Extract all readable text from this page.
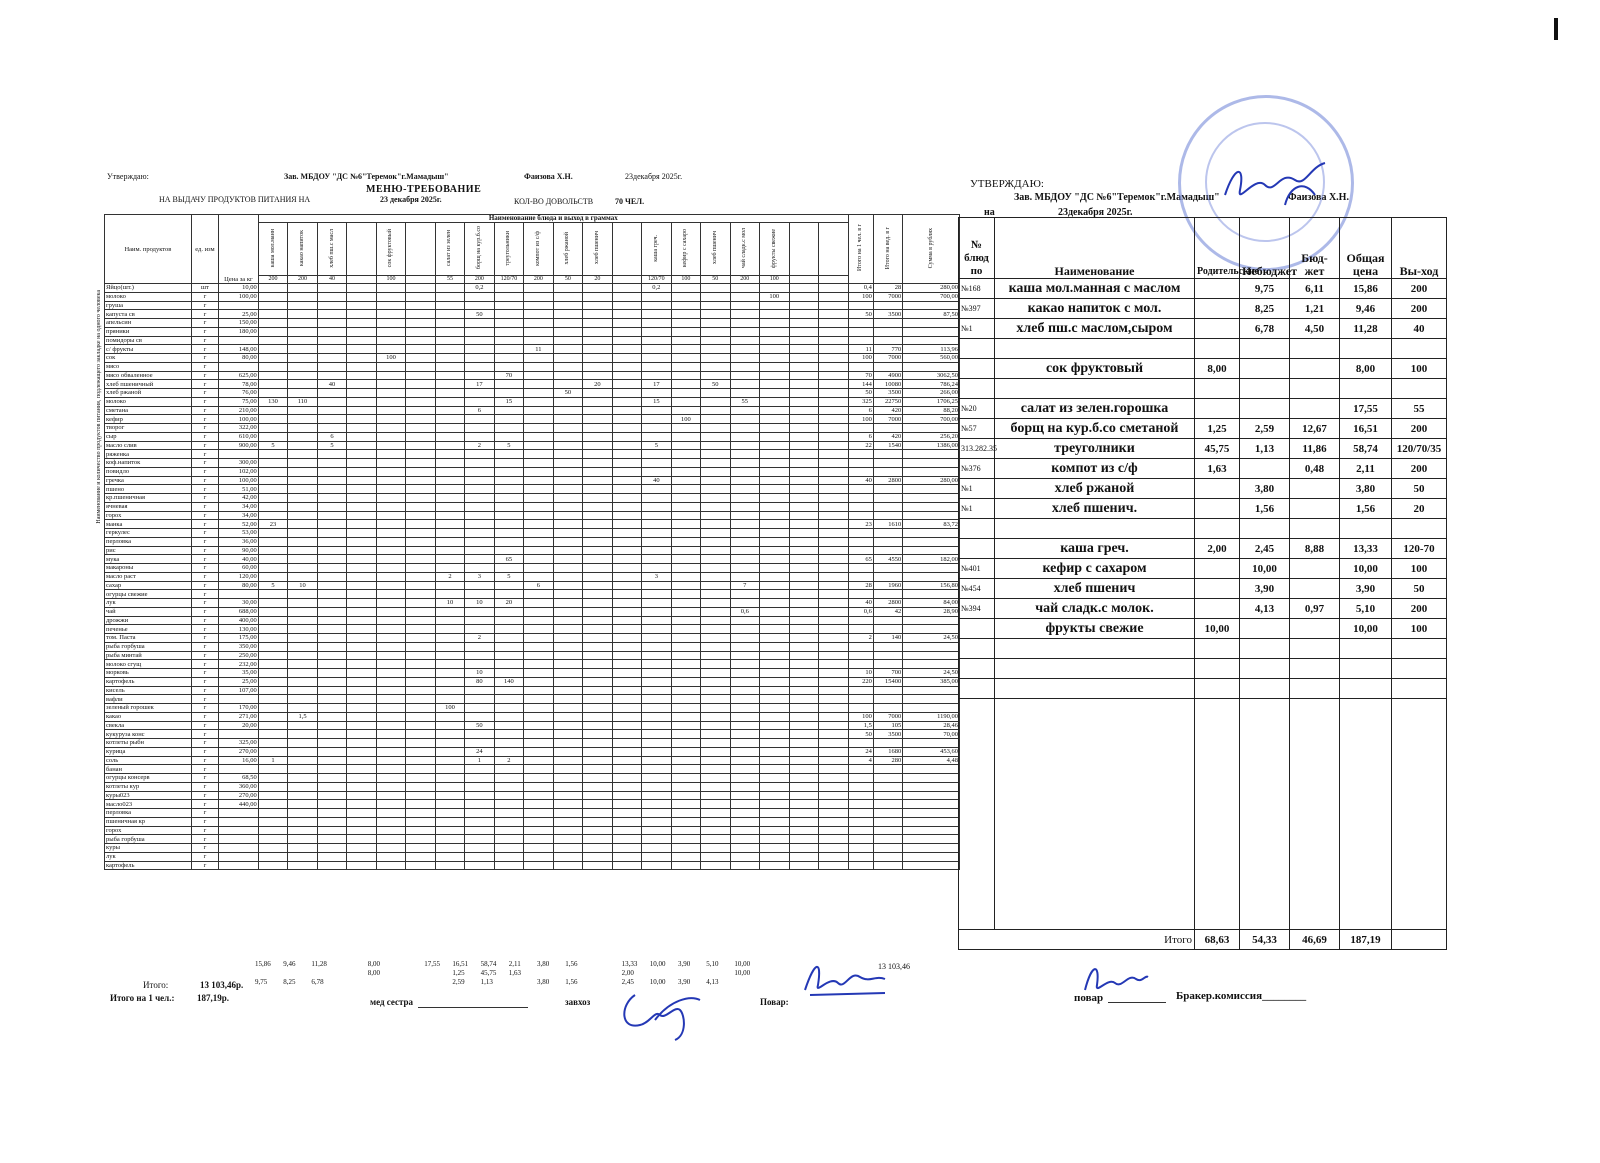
Утверждаю:	Зав. МБДОУ "ДС №6"Теремок"г.Мамадыш"	Фаизова Х.Н.	23декабря 2025г.
МЕНЮ-ТРЕБОВАНИЕ
НА ВЫДАЧУ ПРОДУКТОВ ПИТАНИЯ НА	23 декабря 2025г.	КОЛ-ВО ДОВОЛЬСТВ	70 ЧЕЛ.
УТВЕРЖДАЮ:
Зав. МБДОУ "ДС №6"Теремок"г.Мамадыш"	Фаизова Х.Н.
на	23декабря 2025г.
Наименование и количество продуктов питания, подлежащего закладке на одного человека
Наим. продуктов	ед. изм	Цена за кг	Наименование блюда и выход в граммах																				Итого на 1 чел. в г	Итого на вед. в г	Сумма в рублях
			каша мол.манн	какао напиток	хлеб пш.с масл		сок фруктовый		салат из зелен	борщ на кур.б.со	треугольники	компот из с/ф	хлеб ржаной	хлеб пшенич		каша греч.	кефир с сахаро	хлеб пшенич	чай сладк.с мол	фрукты свежие					
			200	200	40		100		55	200	120/70	200	50	20		120/70	100	50	200	100					
Яйцо(шт.)	шт	10,00								0,2						0,2							0,4	28	280,00
молоко	г	100,00																		100			100	7000	700,00
груша	г																								
капуста св	г	25,00								50													50	3500	87,50
апельсин	г	150,00																							
пряники	г	180,00																							
помидоры св	г																								
с/ фрукты	г	148,00										11											11	770	113,96
сок	г	80,00					100																100	7000	560,00
мясо	г																								
мясо обваленное	г	625,00									70												70	4900	3062,50
хлеб пшеничный	г	78,00			40					17				20		17		50					144	10080	786,24
хлеб ржаной	г	76,00											50										50	3500	266,00
молоко	г	75,00	130	110							15					15			55				325	22750	1706,25
сметана	г	210,00								6													6	420	88,20
кефир	г	100,00															100						100	7000	700,00
творог	г	322,00																							
сыр	г	610,00			6																		6	420	256,20
масло слив	г	900,00	5		5					2	5					5							22	1540	1386,00
ряженка	г																								
коф.напиток	г	300,00																							
повидло	г	102,00																							
гречка	г	100,00														40							40	2800	280,00
пшено	г	51,00																							
кр.пшеничная	г	42,00																							
ячневая	г	34,00																							
горох	г	34,00																							
манка	г	52,00	23																				23	1610	83,72
геркулес	г	53,00																							
перловка	г	36,00																							
рис	г	90,00																							
мука	г	40,00									65												65	4550	182,00
макароны	г	60,00																							
масло раст	г	120,00							2	3	5					3									
сахар	г	80,00	5	10								6							7				28	1960	156,80
огурцы свежие	г																								
лук	г	30,00							10	10	20												40	2800	84,00
чай	г	688,00																	0,6				0,6	42	28,90
дрожжи	г	400,00																							
печенье	г	130,00																							
том. Паста	г	175,00								2													2	140	24,50
рыба горбуша	г	350,00																							
рыба минтай	г	250,00																							
молоко сгущ	г	232,00																							
морковь	г	35,00								10													10	700	24,50
картофель	г	25,00								80	140												220	15400	385,00
кисель	г	107,00																							
вафли	г																								
зеленый горошек	г	170,00							100																
какао	г	271,00		1,5																			100	7000	1190,00
свекла	г	20,00								50													1,5	105	28,46
кукуруза конс	г																						50	3500	70,00
котлеты рыбн	г	325,00																							
курица	г	270,00								24													24	1680	453,60
соль	г	16,00	1							1	2												4	280	4,48
банан	г																								
огурцы консерв	г	68,50																							
котлеты кур	г	360,00																							
куры023	г	270,00																							
масло023	г	440,00																							
перловка	г																								
пшеничная кр	г																								
горох	г																								
рыба горбуша	г																								
куры	г																								
лук	г																								
картофель	г																								
15,86 9,46 11,28	8,00	17,55 16,51 58,74 2,11 3,80 1,56	13,33 10,00 3,90 5,10 10,00
8,00	1,25 45,75 1,63	2,00	10,00
9,75 8,25 6,78	2,59 1,13	3,80 1,56	2,45 10,00 3,90 4,13
13 103,46
Итого:	13 103,46р.
Итого на 1 чел.:	187,19р.	мед сестра	завхоз	Повар:
№ блюд по	Наименование	Родительские	Небюджет	Бюд-жет	Общая цена	Вы-ход
№168	каша мол.манная с маслом		9,75	6,11	15,86	200
№397	какао напиток с мол.		8,25	1,21	9,46	200
№1	хлеб пш.с маслом,сыром		6,78	4,50	11,28	40

	сок фруктовый	8,00			8,00	100

№20	салат из зелен.горошка				17,55	55
№57	борщ на кур.б.со сметаной	1,25	2,59	12,67	16,51	200
313.282.35	треуголники	45,75	1,13	11,86	58,74	120/70/35
№376	компот из с/ф	1,63		0,48	2,11	200
№1	хлеб ржаной		3,80		3,80	50
№1	хлеб пшенич.		1,56		1,56	20

	каша греч.	2,00	2,45	8,88	13,33	120-70
№401	кефир с сахаром		10,00		10,00	100
№454	хлеб пшенич		3,90		3,90	50
№394	чай сладк.с молок.		4,13	0,97	5,10	200
	фрукты свежие	10,00			10,00	100

Итого		68,63	54,33	46,69	187,19	
повар	Бракер.комиссия________
